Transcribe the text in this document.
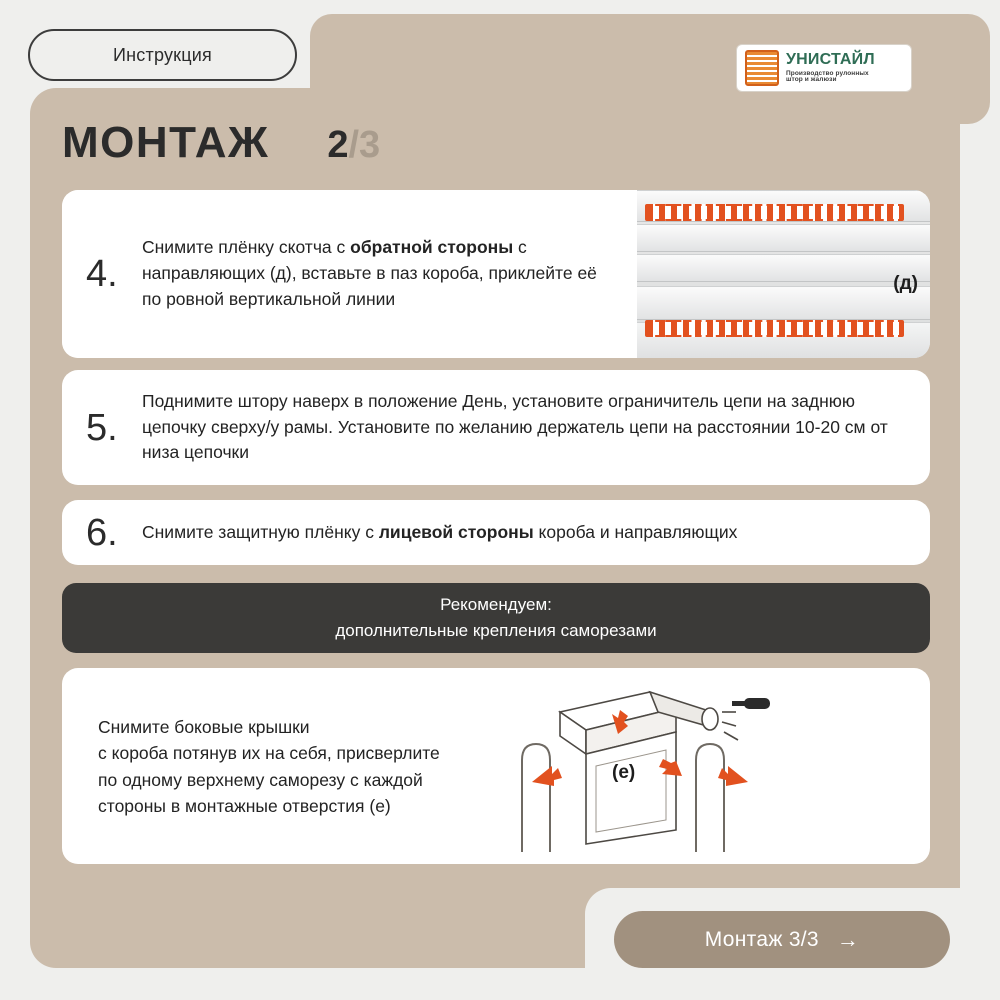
Инструкция	УНИСТАЙЛ
Производство рулонных
штор и жалюзи
МОНТАЖ 2/3
(д)
4.
Снимите плёнку скотча с обратной стороны с направляющих (д), вставьте в паз короба, приклейте её по ровной вертикальной линии
5.
Поднимите штору наверх в положение День, установите ограничитель цепи на заднюю цепочку сверху/у рамы. Установите по желанию держатель цепи на расстоянии 10-20 см от низа цепочки
6.	Снимите защитную плёнку с лицевой стороны короба и направляющих
Рекомендуем:
дополнительные крепления саморезами
Снимите боковые крышки
с короба потянув их на себя, присверлите
по одному верхнему саморезу с каждой
стороны в монтажные отверстия (е)
(е)
Монтаж 3/3 →
